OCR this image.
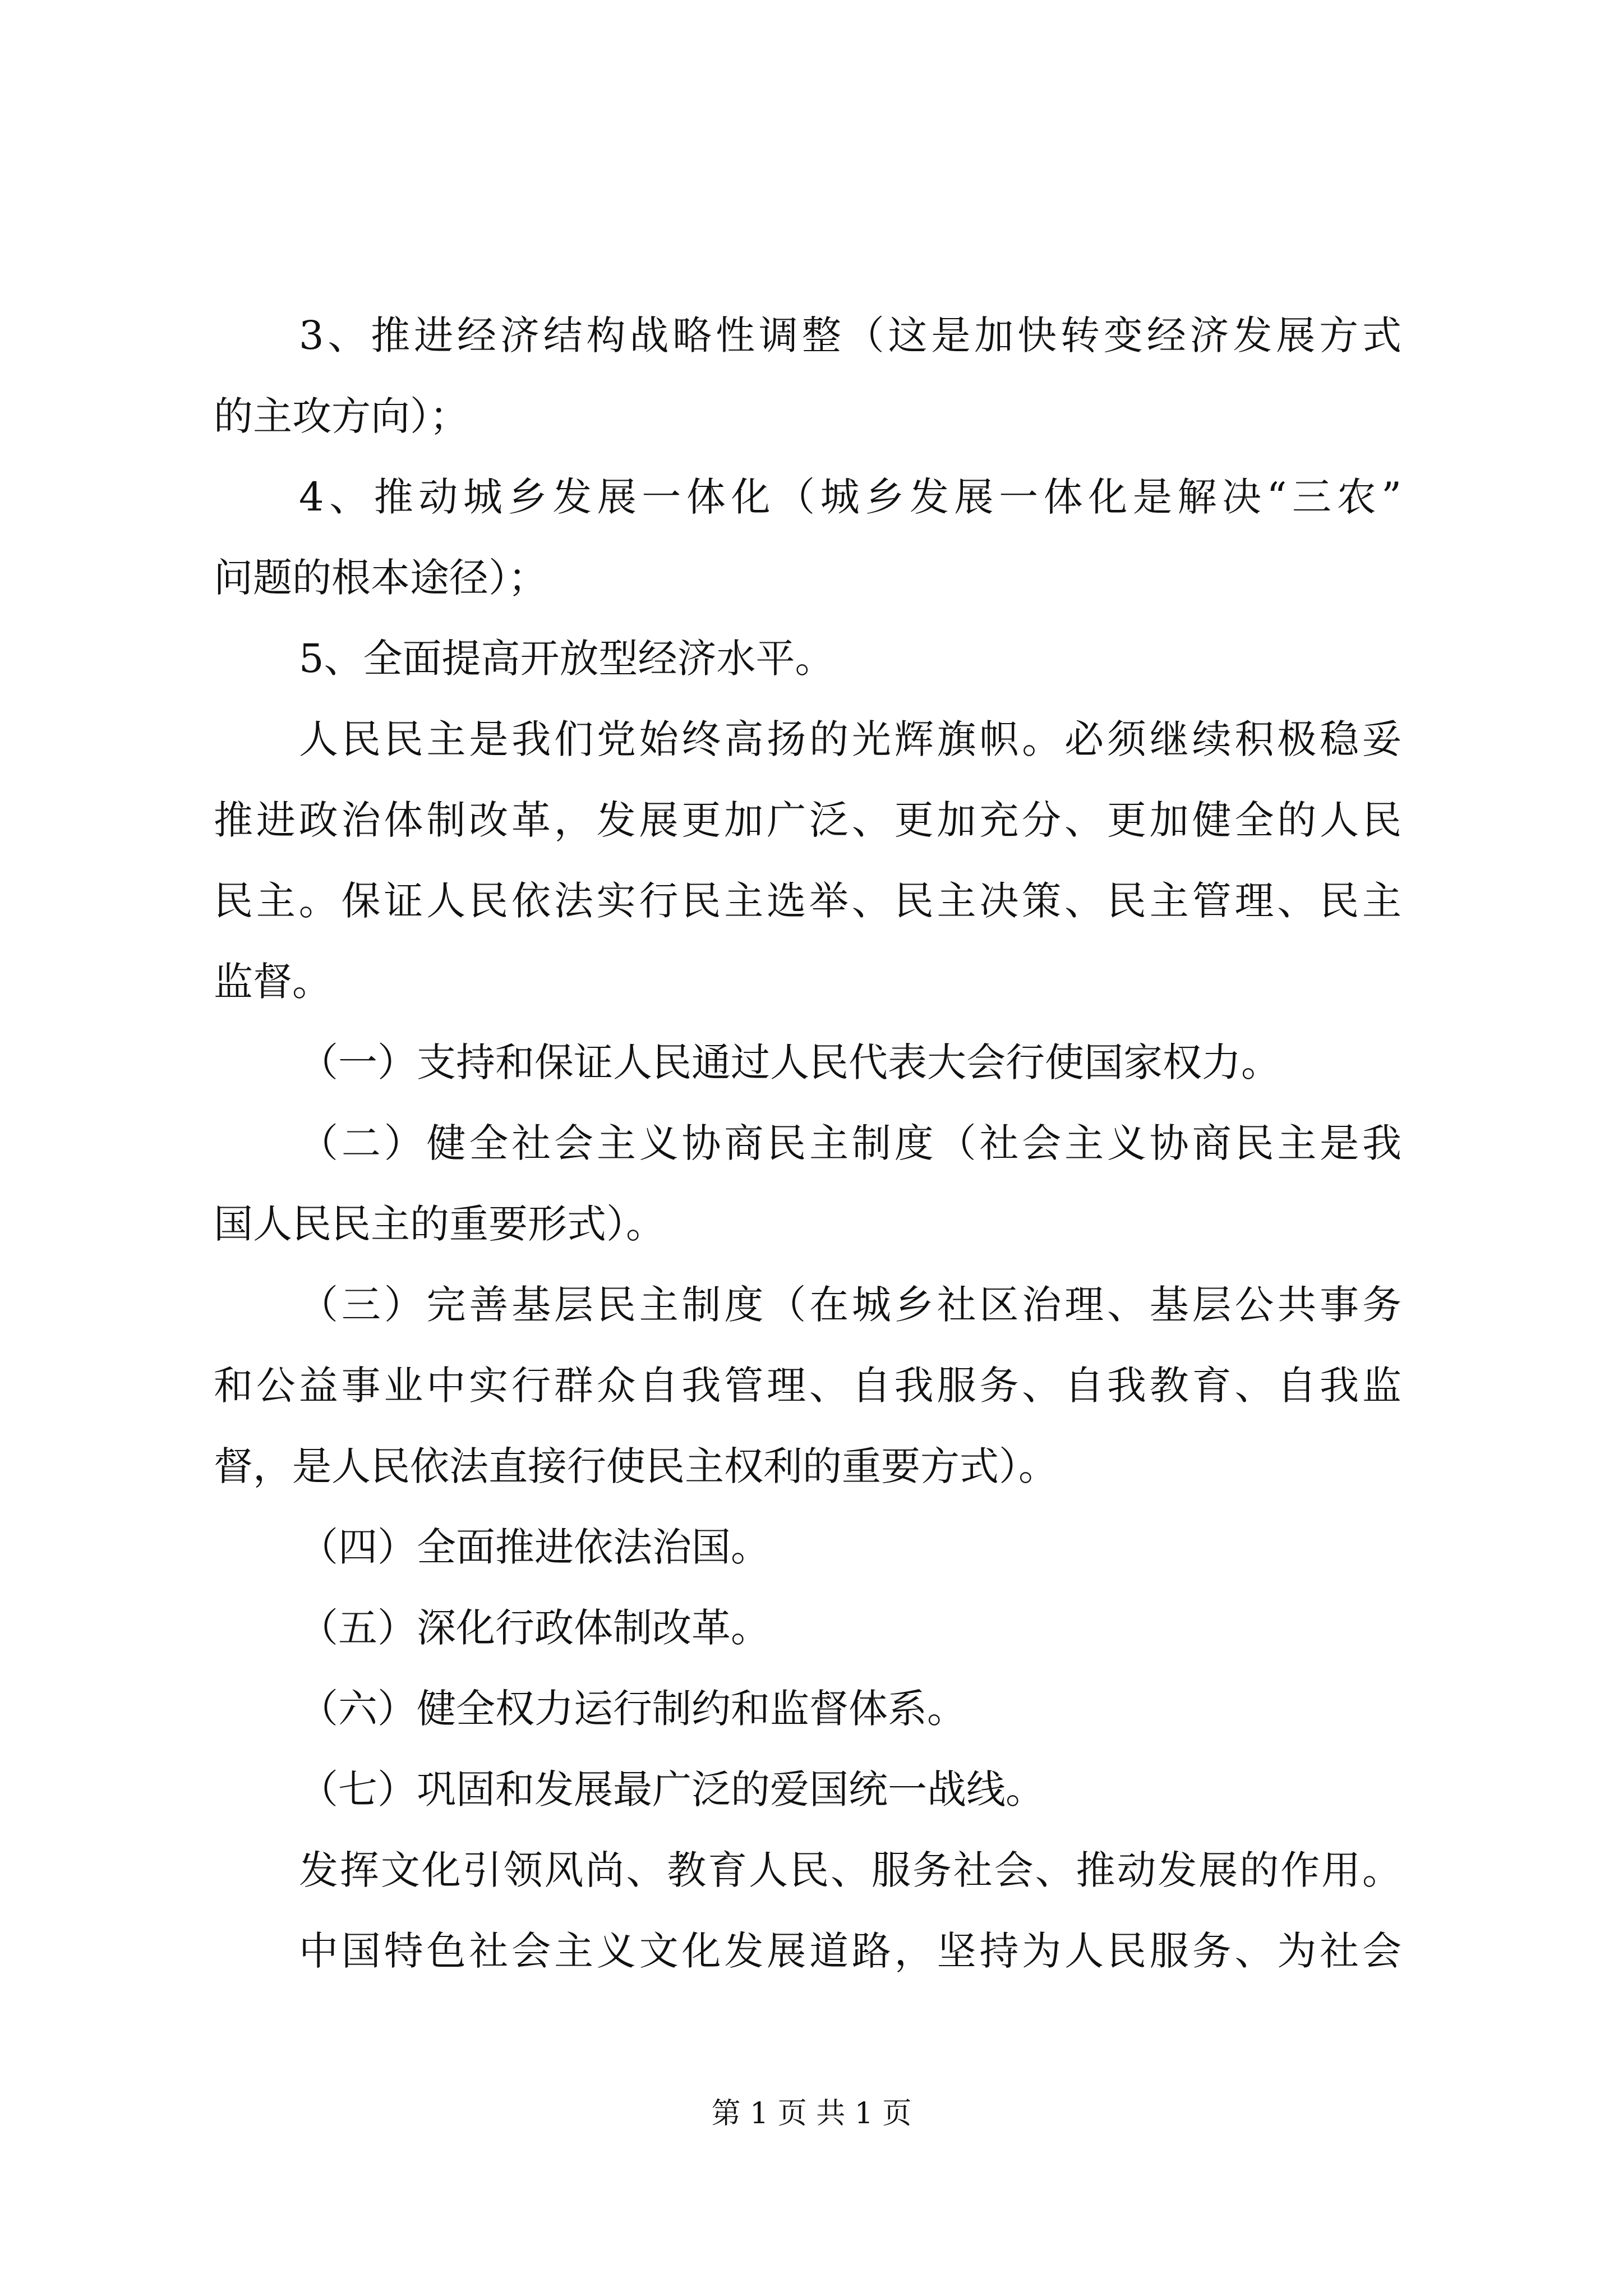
3、推进经济结构战略性调整（这是加快转变经济发展方式
的主攻方向）；
4、推动城乡发展一体化（城乡发展一体化是解决“三农”
问题的根本途径）；
5、全面提高开放型经济水平。
人民民主是我们党始终高扬的光辉旗帜。必须继续积极稳妥
推进政治体制改革，发展更加广泛、更加充分、更加健全的人民
民主。保证人民依法实行民主选举、民主决策、民主管理、民主
监督。
（一）支持和保证人民通过人民代表大会行使国家权力。
（二）健全社会主义协商民主制度（社会主义协商民主是我
国人民民主的重要形式）。
（三）完善基层民主制度（在城乡社区治理、基层公共事务
和公益事业中实行群众自我管理、自我服务、自我教育、自我监
督，是人民依法直接行使民主权利的重要方式）。
（四）全面推进依法治国。
（五）深化行政体制改革。
（六）健全权力运行制约和监督体系。
（七）巩固和发展最广泛的爱国统一战线。
发挥文化引领风尚、教育人民、服务社会、推动发展的作用。
中国特色社会主义文化发展道路，坚持为人民服务、为社会
第 1 页 共 1 页
